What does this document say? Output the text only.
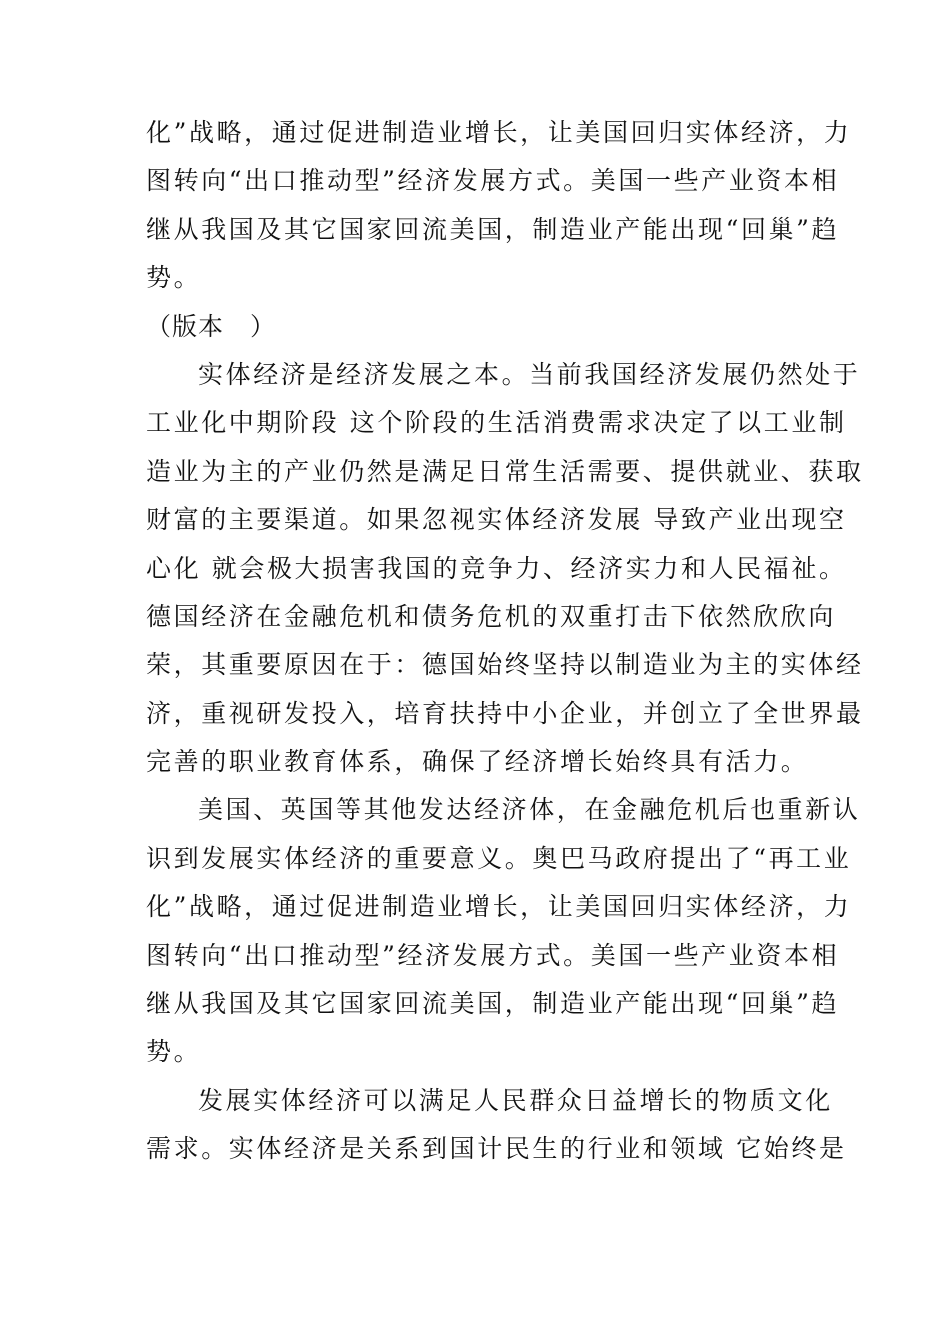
化”战略，通过促进制造业增长，让美国回归实体经济，力
图转向“出口推动型”经济发展方式。美国一些产业资本相
继从我国及其它国家回流美国，制造业产能出现“回巢”趋
势。
（版本　）
实体经济是经济发展之本。当前我国经济发展仍然处于
工业化中期阶段 这个阶段的生活消费需求决定了以工业制
造业为主的产业仍然是满足日常生活需要、提供就业、获取
财富的主要渠道。如果忽视实体经济发展 导致产业出现空
心化 就会极大损害我国的竞争力、经济实力和人民福祉。
德国经济在金融危机和债务危机的双重打击下依然欣欣向
荣，其重要原因在于：德国始终坚持以制造业为主的实体经
济，重视研发投入，培育扶持中小企业，并创立了全世界最
完善的职业教育体系，确保了经济增长始终具有活力。
美国、英国等其他发达经济体，在金融危机后也重新认
识到发展实体经济的重要意义。奥巴马政府提出了“再工业
化”战略，通过促进制造业增长，让美国回归实体经济，力
图转向“出口推动型”经济发展方式。美国一些产业资本相
继从我国及其它国家回流美国，制造业产能出现“回巢”趋
势。
发展实体经济可以满足人民群众日益增长的物质文化
需求。实体经济是关系到国计民生的行业和领域 它始终是
